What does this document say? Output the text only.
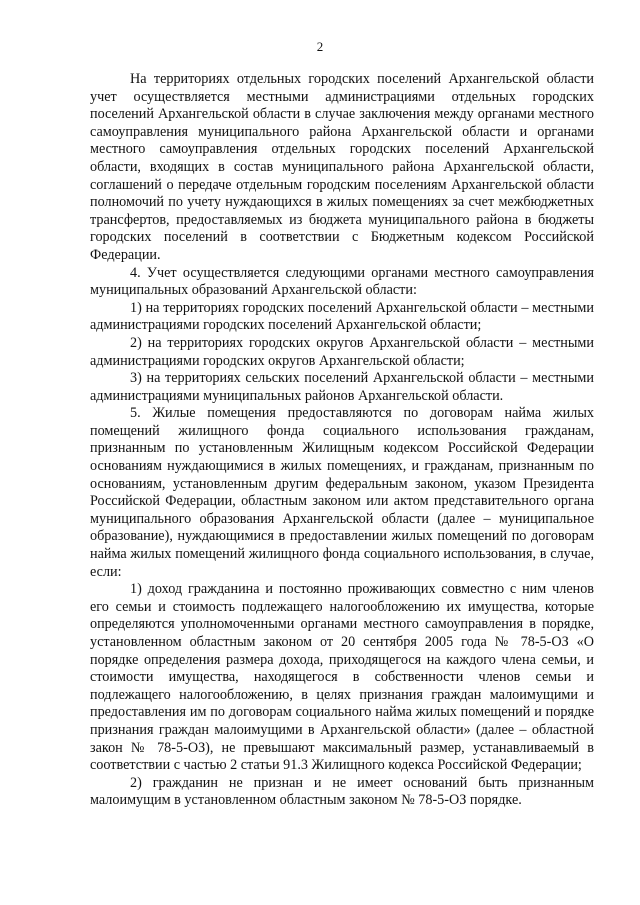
2

На территориях отдельных городских поселений Архангельской области учет осуществляется местными администрациями отдельных городских поселений Архангельской области в случае заключения между органами местного самоуправления муниципального района Архангельской области и органами местного самоуправления отдельных городских поселений Архангельской области, входящих в состав муниципального района Архангельской области, соглашений о передаче отдельным городским поселениям Архангельской области полномочий по учету нуждающихся в жилых помещениях за счет межбюджетных трансфертов, предоставляемых из бюджета муниципального района в бюджеты городских поселений в соответствии с Бюджетным кодексом Российской Федерации.

4. Учет осуществляется следующими органами местного самоуправления муниципальных образований Архангельской области:

1) на территориях городских поселений Архангельской области – местными администрациями городских поселений Архангельской области;

2) на территориях городских округов Архангельской области – местными администрациями городских округов Архангельской области;

3) на территориях сельских поселений Архангельской области – местными администрациями муниципальных районов Архангельской области.

5. Жилые помещения предоставляются по договорам найма жилых помещений жилищного фонда социального использования гражданам, признанным по установленным Жилищным кодексом Российской Федерации основаниям нуждающимися в жилых помещениях, и гражданам, признанным по основаниям, установленным другим федеральным законом, указом Президента Российской Федерации, областным законом или актом представительного органа муниципального образования Архангельской области (далее – муниципальное образование), нуждающимися в предоставлении жилых помещений по договорам найма жилых помещений жилищного фонда социального использования, в случае, если:

1) доход гражданина и постоянно проживающих совместно с ним членов его семьи и стоимость подлежащего налогообложению их имущества, которые определяются уполномоченными органами местного самоуправления в порядке, установленном областным законом от 20 сентября 2005 года № 78-5-ОЗ «О порядке определения размера дохода, приходящегося на каждого члена семьи, и стоимости имущества, находящегося в собственности членов семьи и подлежащего налогообложению, в целях признания граждан малоимущими и предоставления им по договорам социального найма жилых помещений и порядке признания граждан малоимущими в Архангельской области» (далее – областной закон № 78-5-ОЗ), не превышают максимальный размер, устанавливаемый в соответствии с частью 2 статьи 91.3 Жилищного кодекса Российской Федерации;

2) гражданин не признан и не имеет оснований быть признанным малоимущим в установленном областным законом № 78-5-ОЗ порядке.
